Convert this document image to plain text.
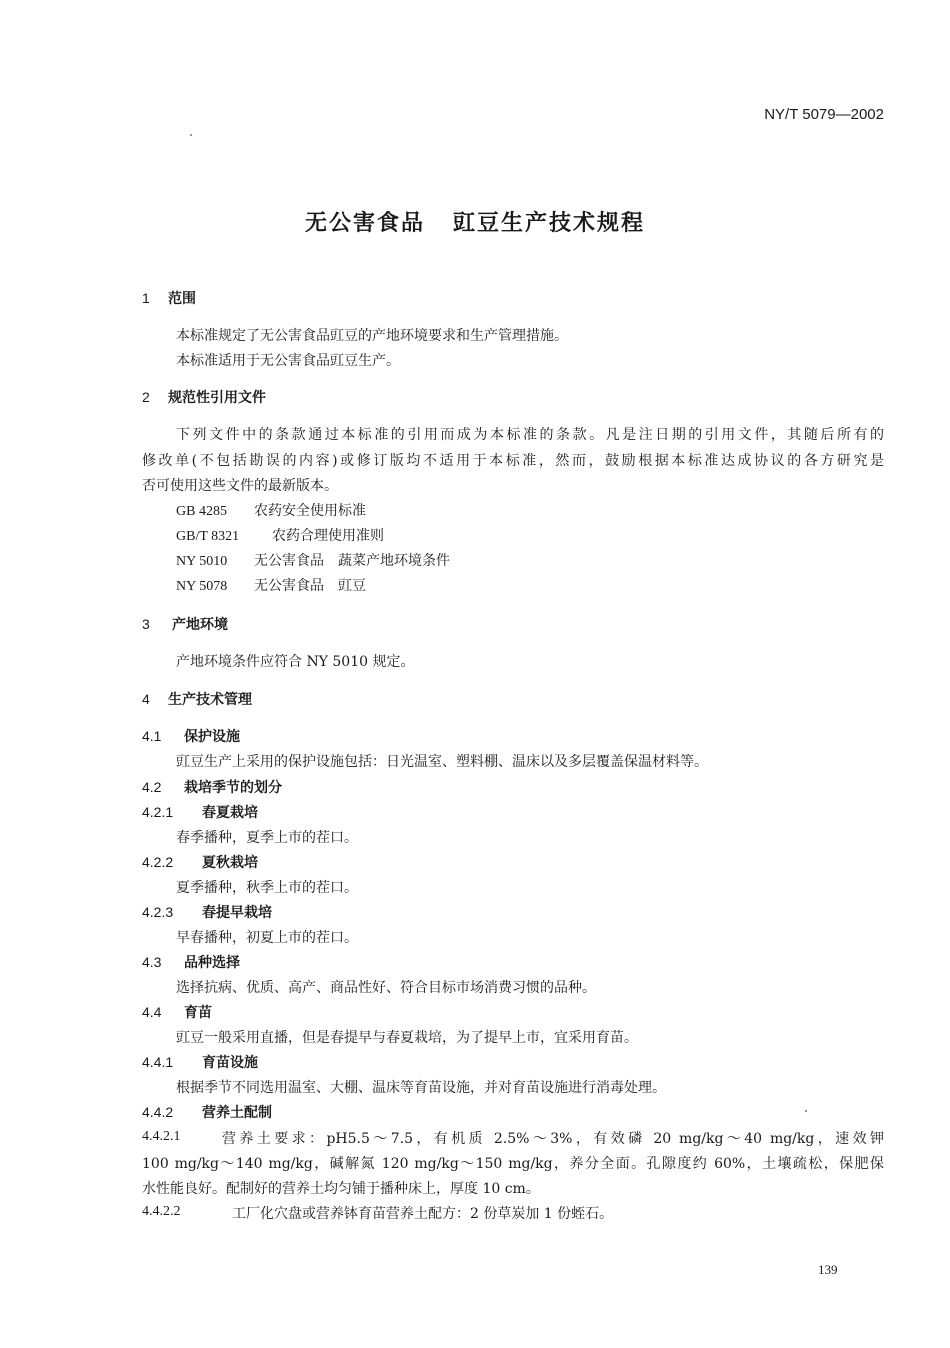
NY/T 5079—2002
无公害食品 豇豆生产技术规程
1 范围
本标准规定了无公害食品豇豆的产地环境要求和生产管理措施。
本标准适用于无公害食品豇豆生产。
2 规范性引用文件
下列文件中的条款通过本标准的引用而成为本标准的条款。凡是注日期的引用文件，其随后所有的
修改单(不包括勘误的内容)或修订版均不适用于本标准，然而，鼓励根据本标准达成协议的各方研究是
否可使用这些文件的最新版本。
GB 4285 农药安全使用标准
GB/T 8321 农药合理使用准则
NY 5010 无公害食品　蔬菜产地环境条件
NY 5078 无公害食品　豇豆
3 产地环境
产地环境条件应符合 NY 5010 规定。
4 生产技术管理
4.1 保护设施
豇豆生产上采用的保护设施包括：日光温室、塑料棚、温床以及多层覆盖保温材料等。
4.2 栽培季节的划分
4.2.1 春夏栽培
春季播种，夏季上市的茬口。
4.2.2 夏秋栽培
夏季播种，秋季上市的茬口。
4.2.3 春提早栽培
早春播种，初夏上市的茬口。
4.3 品种选择
选择抗病、优质、高产、商品性好、符合目标市场消费习惯的品种。
4.4 育苗
豇豆一般采用直播，但是春提早与春夏栽培，为了提早上市，宜采用育苗。
4.4.1 育苗设施
根据季节不同选用温室、大棚、温床等育苗设施，并对育苗设施进行消毒处理。
4.4.2 营养土配制
4.4.2.1	营养土要求：pH5.5～7.5，有机质 2.5%～3%，有效磷 20 mg/kg～40 mg/kg，速效钾
100 mg/kg～140 mg/kg，碱解氮 120 mg/kg～150 mg/kg，养分全面。孔隙度约 60%，土壤疏松，保肥保
水性能良好。配制好的营养土均匀铺于播种床上，厚度 10 cm。
4.4.2.2	工厂化穴盘或营养钵育苗营养土配方：2 份草炭加 1 份蛭石。
139
